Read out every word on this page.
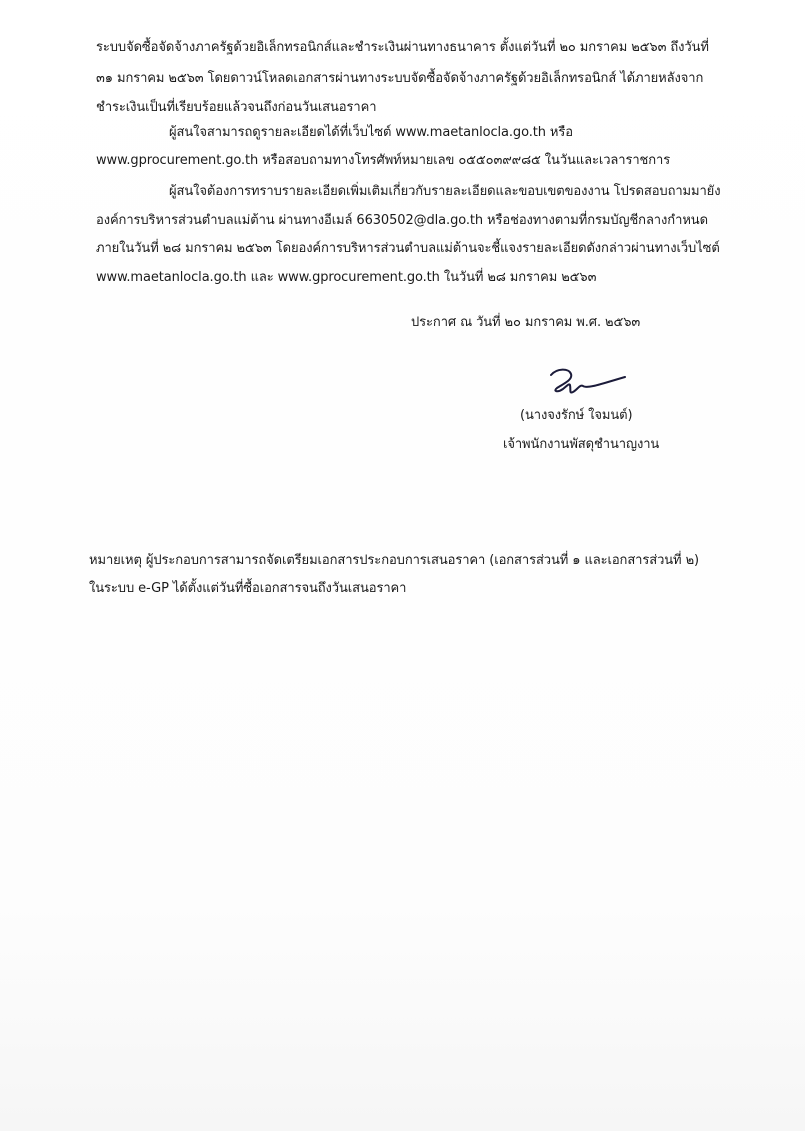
ระบบจัดซื้อจัดจ้างภาครัฐด้วยอิเล็กทรอนิกส์และชำระเงินผ่านทางธนาคาร ตั้งแต่วันที่ ๒๐ มกราคม ๒๕๖๓ ถึงวันที่
๓๑ มกราคม ๒๕๖๓ โดยดาวน์โหลดเอกสารผ่านทางระบบจัดซื้อจัดจ้างภาครัฐด้วยอิเล็กทรอนิกส์ ได้ภายหลังจาก
ชำระเงินเป็นที่เรียบร้อยแล้วจนถึงก่อนวันเสนอราคา
ผู้สนใจสามารถดูรายละเอียดได้ที่เว็บไซต์ www.maetanlocla.go.th หรือ
www.gprocurement.go.th หรือสอบถามทางโทรศัพท์หมายเลข ๐๕๕๐๓๙๙๘๕ ในวันและเวลาราชการ
ผู้สนใจต้องการทราบรายละเอียดเพิ่มเติมเกี่ยวกับรายละเอียดและขอบเขตของงาน โปรดสอบถามมายัง
องค์การบริหารส่วนตำบลแม่ต้าน ผ่านทางอีเมล์ 6630502@dla.go.th หรือช่องทางตามที่กรมบัญชีกลางกำหนด
ภายในวันที่ ๒๘ มกราคม ๒๕๖๓ โดยองค์การบริหารส่วนตำบลแม่ต้านจะชี้แจงรายละเอียดดังกล่าวผ่านทางเว็บไซต์
www.maetanlocla.go.th และ www.gprocurement.go.th ในวันที่ ๒๘ มกราคม ๒๕๖๓
ประกาศ ณ วันที่ ๒๐ มกราคม พ.ศ. ๒๕๖๓
(นางจงรักษ์ ใจมนต์)
เจ้าพนักงานพัสดุชำนาญงาน
หมายเหตุ ผู้ประกอบการสามารถจัดเตรียมเอกสารประกอบการเสนอราคา (เอกสารส่วนที่ ๑ และเอกสารส่วนที่ ๒)
ในระบบ e-GP ได้ตั้งแต่วันที่ซื้อเอกสารจนถึงวันเสนอราคา
